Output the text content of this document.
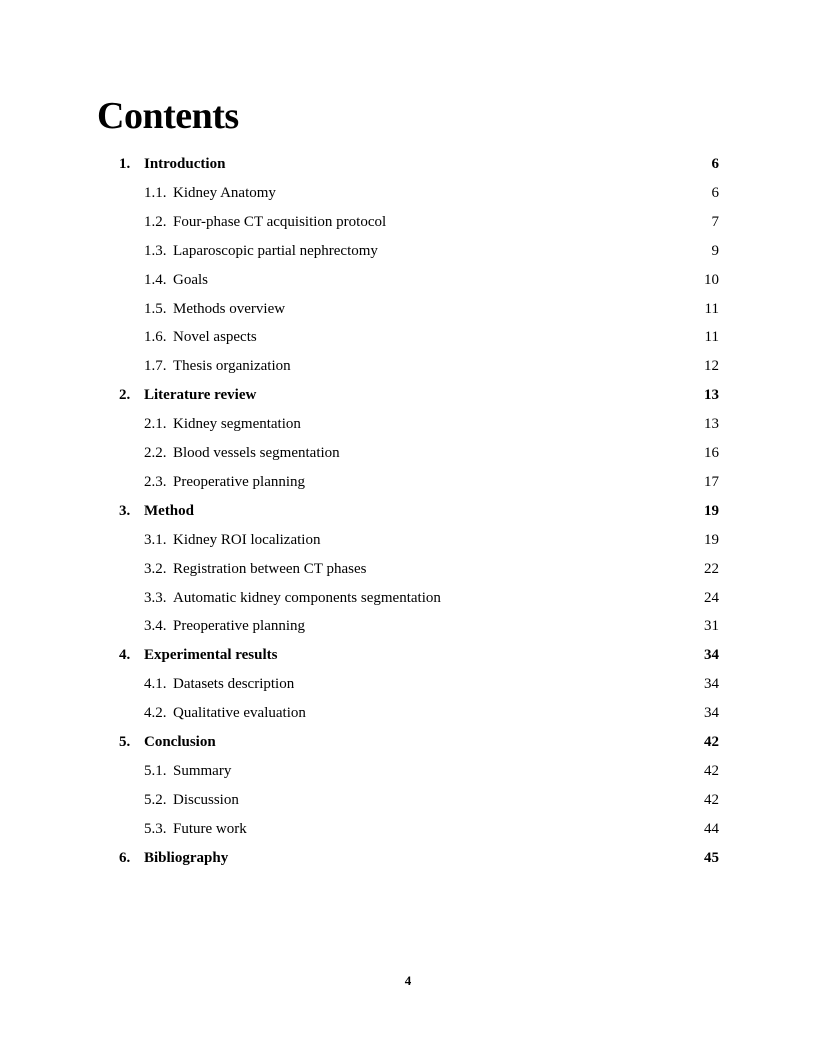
Contents
1. Introduction	6
1.1. Kidney Anatomy	6
1.2. Four-phase CT acquisition protocol	7
1.3. Laparoscopic partial nephrectomy	9
1.4. Goals	10
1.5. Methods overview	11
1.6. Novel aspects	11
1.7. Thesis organization	12
2. Literature review	13
2.1. Kidney segmentation	13
2.2. Blood vessels segmentation	16
2.3. Preoperative planning	17
3. Method	19
3.1. Kidney ROI localization	19
3.2. Registration between CT phases	22
3.3. Automatic kidney components segmentation	24
3.4. Preoperative planning	31
4. Experimental results	34
4.1. Datasets description	34
4.2. Qualitative evaluation	34
5. Conclusion	42
5.1. Summary	42
5.2. Discussion	42
5.3. Future work	44
6. Bibliography	45
4
